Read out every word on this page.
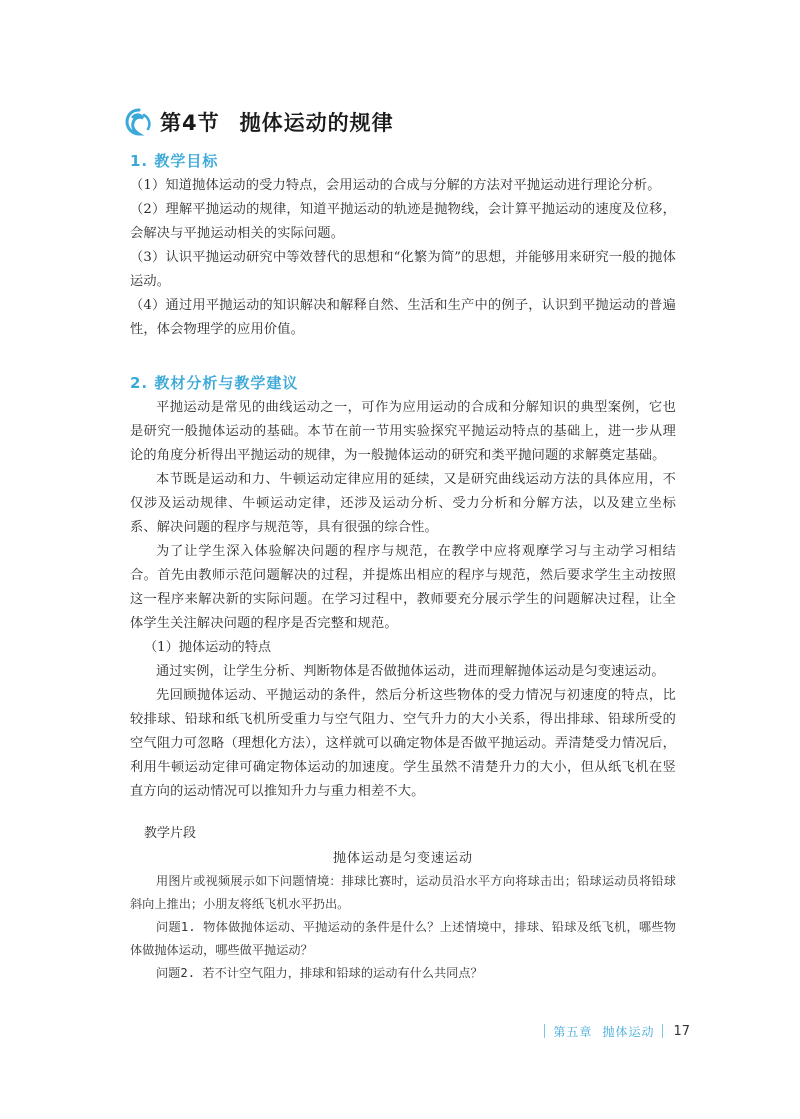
第4节 抛体运动的规律
1. 教学目标

（1）知道抛体运动的受力特点，会用运动的合成与分解的方法对平抛运动进行理论分析。

（2）理解平抛运动的规律，知道平抛运动的轨迹是抛物线，会计算平抛运动的速度及位移，会解决与平抛运动相关的实际问题。

（3）认识平抛运动研究中等效替代的思想和“化繁为简”的思想，并能够用来研究一般的抛体运动。

（4）通过用平抛运动的知识解决和解释自然、生活和生产中的例子，认识到平抛运动的普遍性，体会物理学的应用价值。

2. 教材分析与教学建议

平抛运动是常见的曲线运动之一，可作为应用运动的合成和分解知识的典型案例，它也是研究一般抛体运动的基础。本节在前一节用实验探究平抛运动特点的基础上，进一步从理论的角度分析得出平抛运动的规律，为一般抛体运动的研究和类平抛问题的求解奠定基础。

本节既是运动和力、牛顿运动定律应用的延续，又是研究曲线运动方法的具体应用，不仅涉及运动规律、牛顿运动定律，还涉及运动分析、受力分析和分解方法，以及建立坐标系、解决问题的程序与规范等，具有很强的综合性。

为了让学生深入体验解决问题的程序与规范，在教学中应将观摩学习与主动学习相结合。首先由教师示范问题解决的过程，并提炼出相应的程序与规范，然后要求学生主动按照这一程序来解决新的实际问题。在学习过程中，教师要充分展示学生的问题解决过程，让全体学生关注解决问题的程序是否完整和规范。

（1）抛体运动的特点

通过实例，让学生分析、判断物体是否做抛体运动，进而理解抛体运动是匀变速运动。

先回顾抛体运动、平抛运动的条件，然后分析这些物体的受力情况与初速度的特点，比较排球、铅球和纸飞机所受重力与空气阻力、空气升力的大小关系，得出排球、铅球所受的空气阻力可忽略（理想化方法），这样就可以确定物体是否做平抛运动。弄清楚受力情况后，利用牛顿运动定律可确定物体运动的加速度。学生虽然不清楚升力的大小，但从纸飞机在竖直方向的运动情况可以推知升力与重力相差不大。

教学片段
抛体运动是匀变速运动

用图片或视频展示如下问题情境：排球比赛时，运动员沿水平方向将球击出；铅球运动员将铅球斜向上推出；小朋友将纸飞机水平扔出。

问题1. 物体做抛体运动、平抛运动的条件是什么？上述情境中，排球、铅球及纸飞机，哪些物体做抛体运动，哪些做平抛运动？

问题2. 若不计空气阻力，排球和铅球的运动有什么共同点？

第五章 抛体运动 17
